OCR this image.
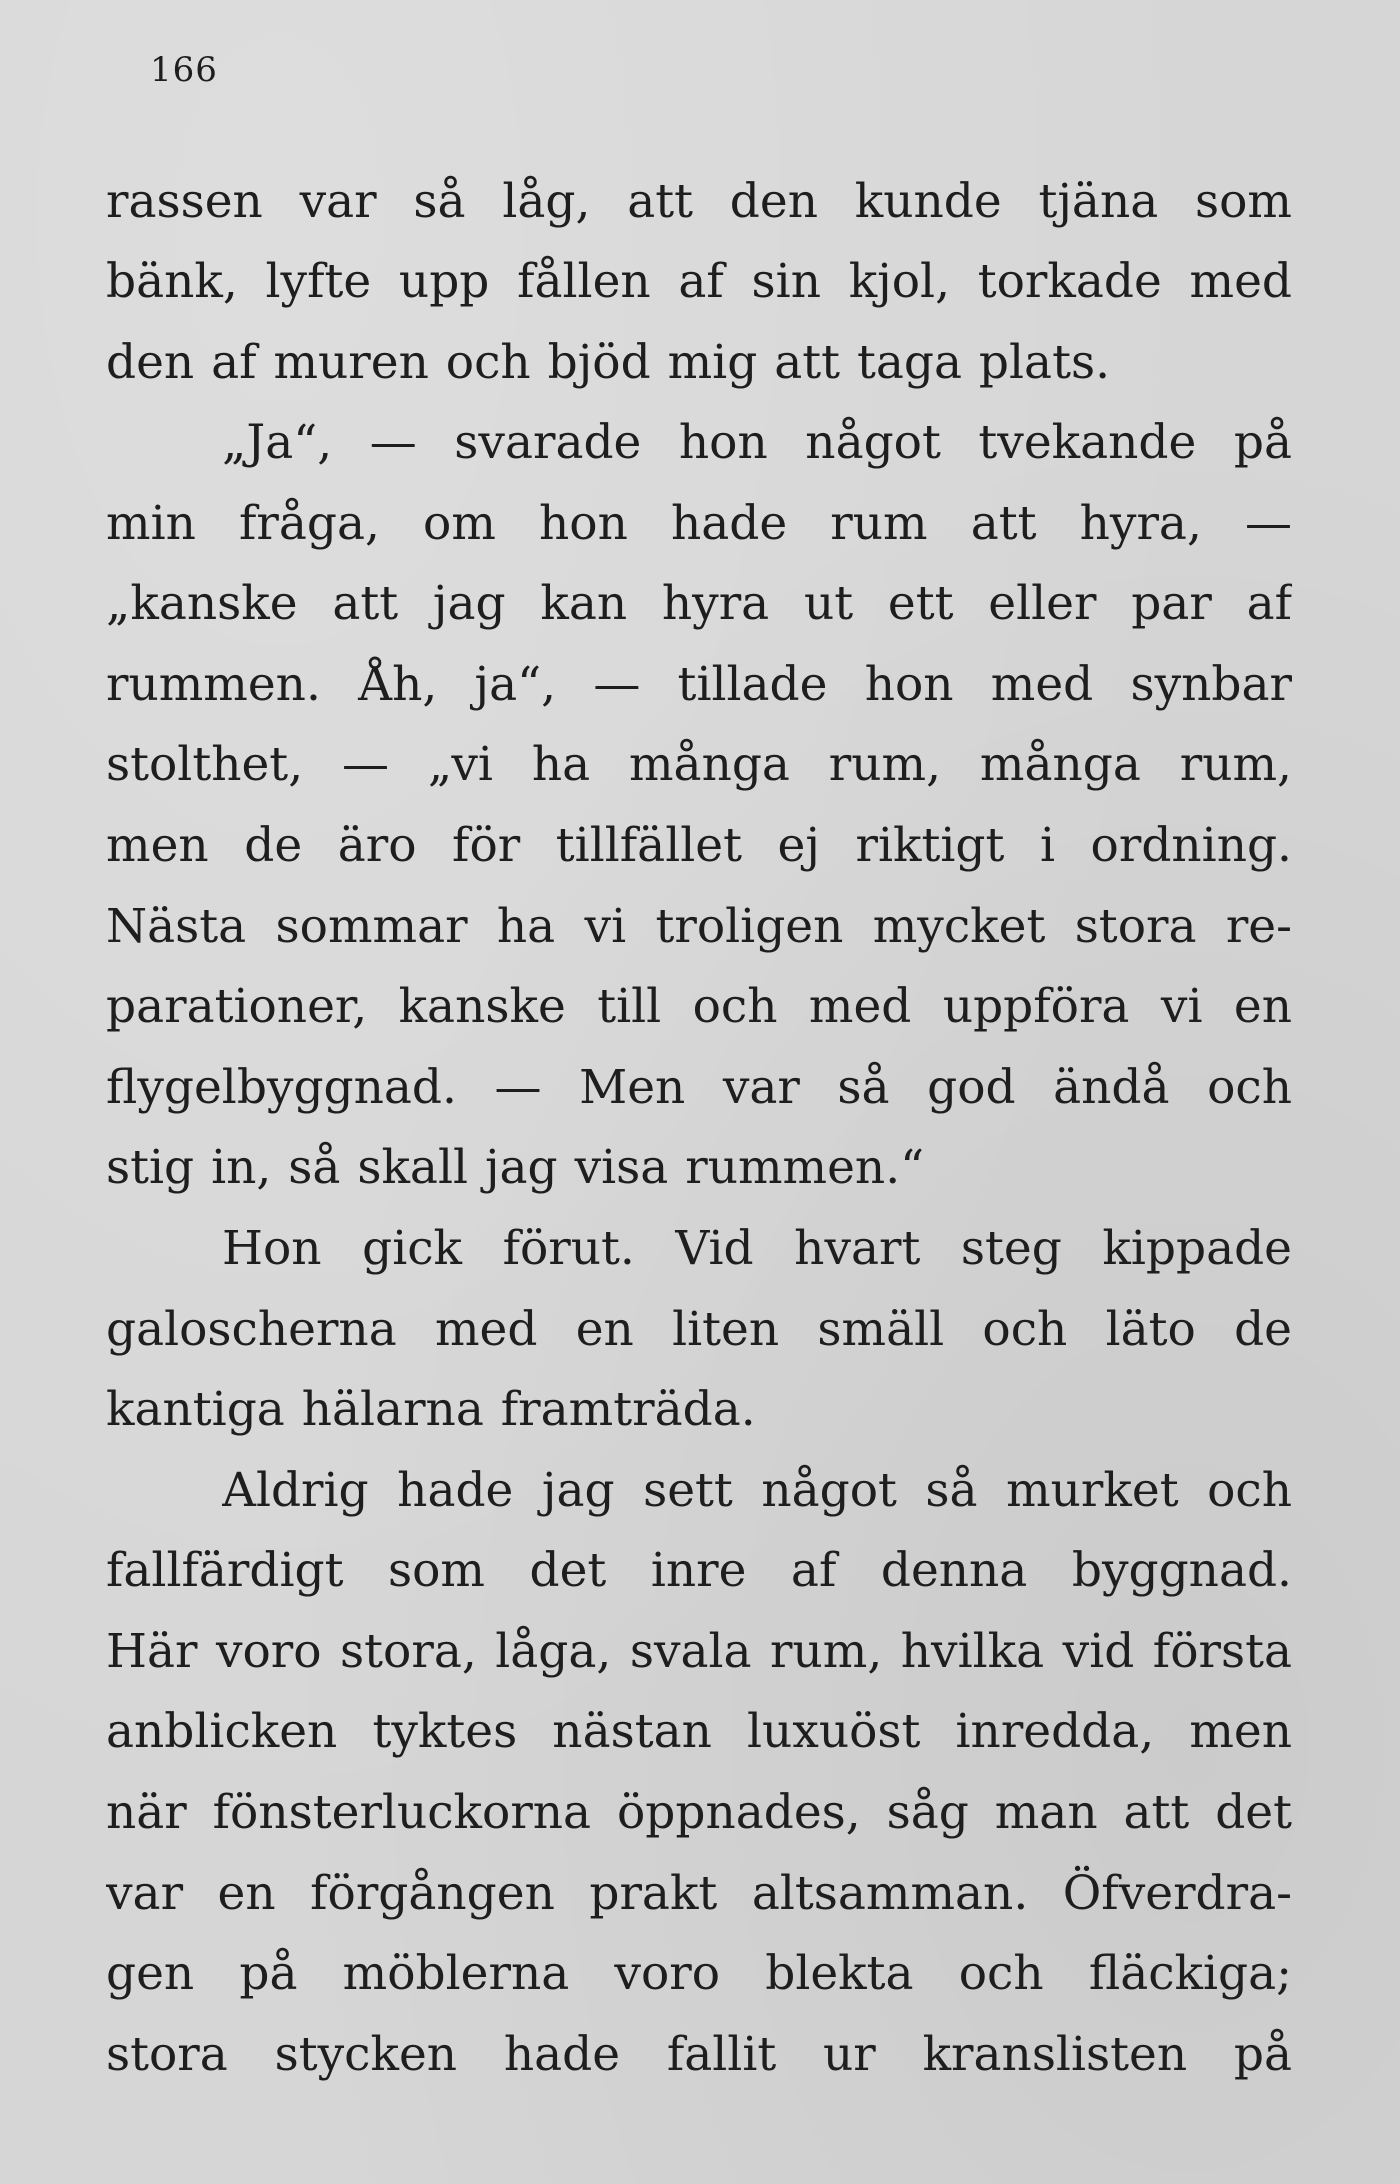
166
rassen var så låg, att den kunde tjäna som
bänk, lyfte upp fållen af sin kjol, torkade med
den af muren och bjöd mig att taga plats.
„Ja“, — svarade hon något tvekande på
min fråga, om hon hade rum att hyra, —
„kanske att jag kan hyra ut ett eller par af
rummen. Åh, ja“, — tillade hon med synbar
stolthet, — „vi ha många rum, många rum,
men de äro för tillfället ej riktigt i ordning.
Nästa sommar ha vi troligen mycket stora re-
parationer, kanske till och med uppföra vi en
flygelbyggnad. — Men var så god ändå och
stig in, så skall jag visa rummen.“
Hon gick förut. Vid hvart steg kippade
galoscherna med en liten smäll och läto de
kantiga hälarna framträda.
Aldrig hade jag sett något så murket och
fallfärdigt som det inre af denna byggnad.
Här voro stora, låga, svala rum, hvilka vid första
anblicken tyktes nästan luxuöst inredda, men
när fönsterluckorna öppnades, såg man att det
var en förgången prakt altsamman. Öfverdra-
gen på möblerna voro blekta och fläckiga;
stora stycken hade fallit ur kranslisten på
